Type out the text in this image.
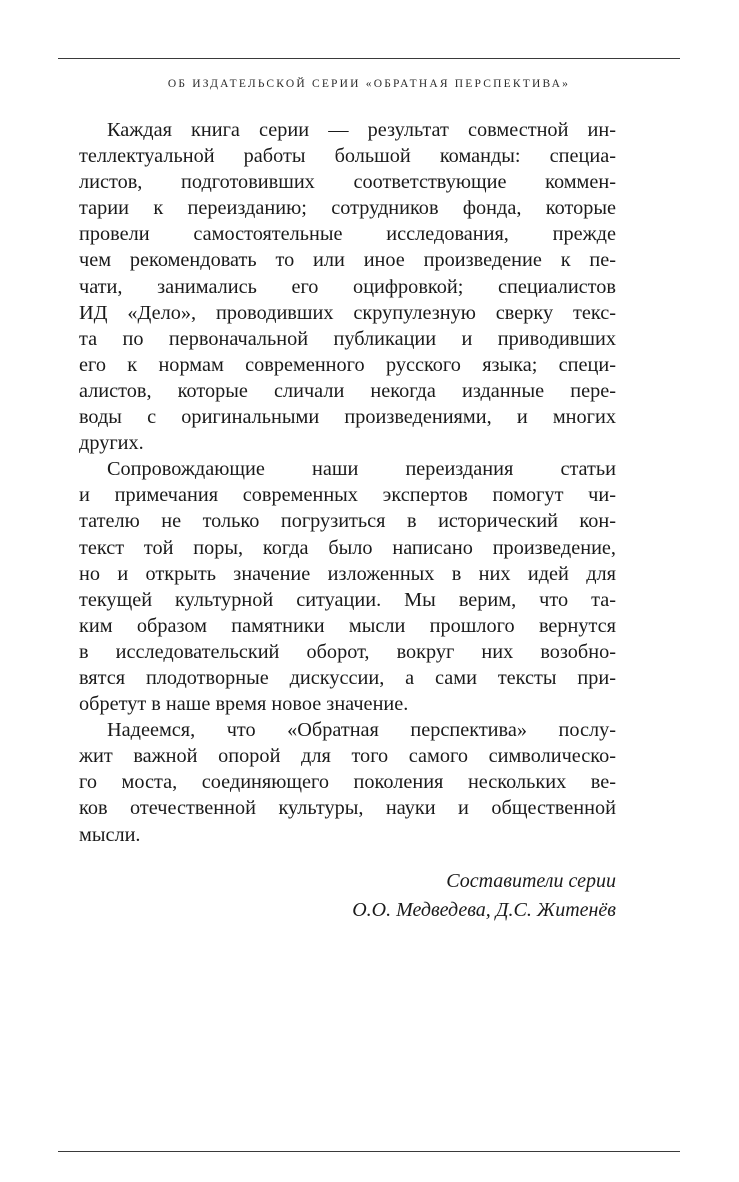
ОБ ИЗДАТЕЛЬСКОЙ СЕРИИ «ОБРАТНАЯ ПЕРСПЕКТИВА»
Каждая книга серии — результат совместной ин-
теллектуальной работы большой команды: специа-
листов, подготовивших соответствующие коммен-
тарии к переизданию; сотрудников фонда, которые
провели самостоятельные исследования, прежде
чем рекомендовать то или иное произведение к пе-
чати, занимались его оцифровкой; специалистов
ИД «Дело», проводивших скрупулезную сверку текс-
та по первоначальной публикации и приводивших
его к нормам современного русского языка; специ-
алистов, которые сличали некогда изданные пере-
воды с оригинальными произведениями, и многих
других.
Сопровождающие наши переиздания статьи
и примечания современных экспертов помогут чи-
тателю не только погрузиться в исторический кон-
текст той поры, когда было написано произведение,
но и открыть значение изложенных в них идей для
текущей культурной ситуации. Мы верим, что та-
ким образом памятники мысли прошлого вернутся
в исследовательский оборот, вокруг них возобно-
вятся плодотворные дискуссии, а сами тексты при-
обретут в наше время новое значение.
Надеемся, что «Обратная перспектива» послу-
жит важной опорой для того самого символическо-
го моста, соединяющего поколения нескольких ве-
ков отечественной культуры, науки и общественной
мысли.
Составители серии
О.О. Медведева, Д.С. Житенёв
